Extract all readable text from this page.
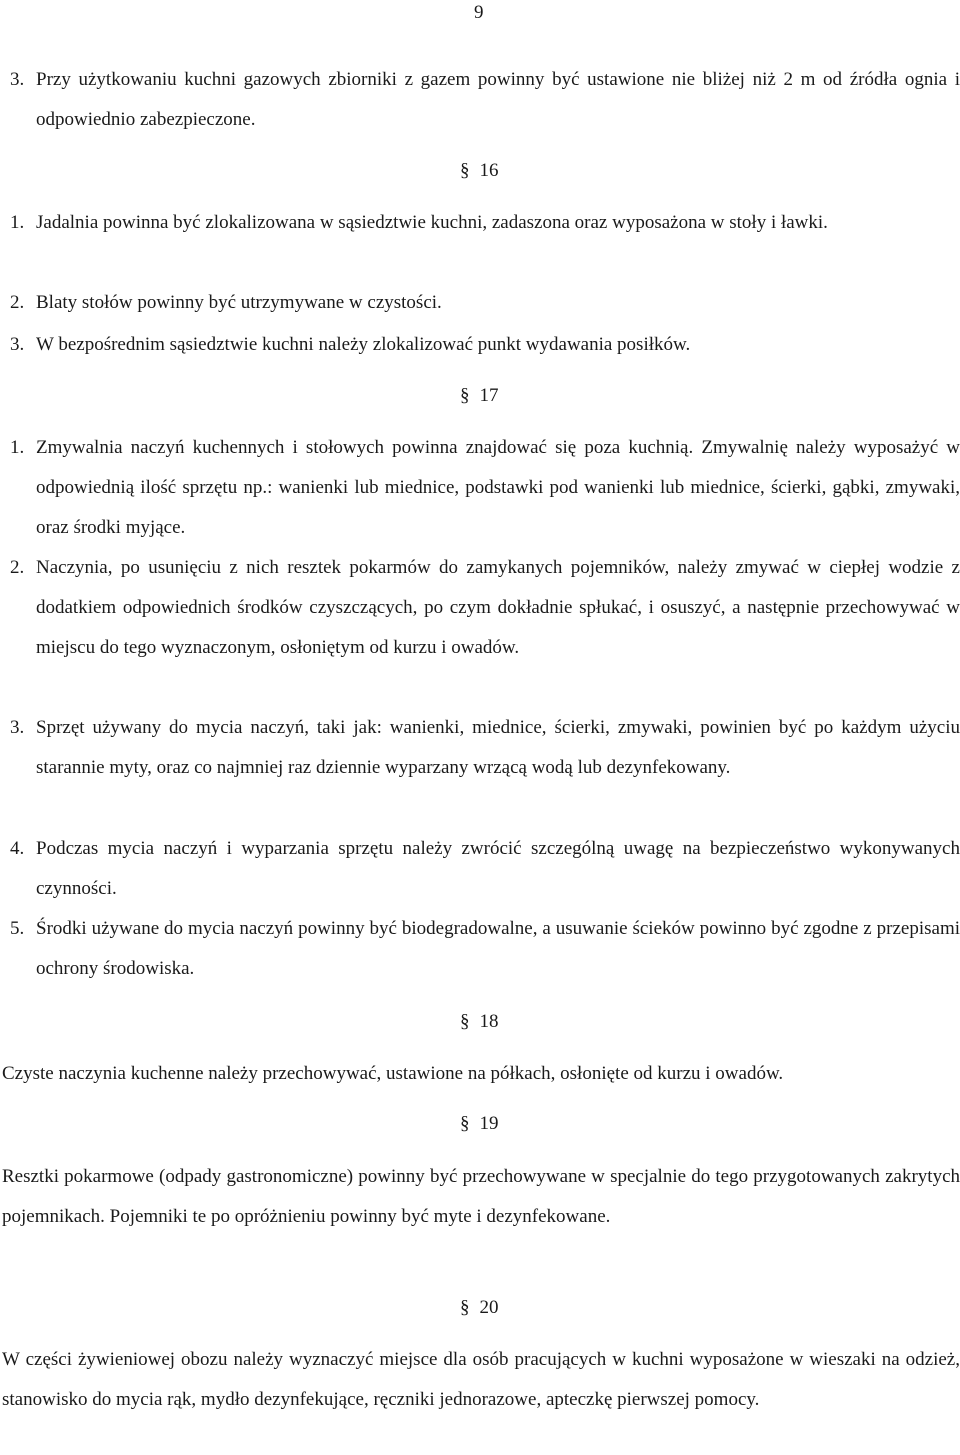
9
3. Przy użytkowaniu kuchni gazowych zbiorniki z gazem powinny być ustawione nie bliżej niż 2 m od źródła ognia i odpowiednio zabezpieczone.
§ 16
1. Jadalnia powinna być zlokalizowana w sąsiedztwie kuchni, zadaszona oraz wyposażona w stoły i ławki.
2. Blaty stołów powinny być utrzymywane w czystości.
3. W bezpośrednim sąsiedztwie kuchni należy zlokalizować punkt wydawania posiłków.
§ 17
1. Zmywalnia naczyń kuchennych i stołowych powinna znajdować się poza kuchnią. Zmywalnię należy wyposażyć w odpowiednią ilość sprzętu np.: wanienki lub miednice, podstawki pod wanienki lub miednice, ścierki, gąbki, zmywaki, oraz środki myjące.
2. Naczynia, po usunięciu z nich resztek pokarmów do zamykanych pojemników, należy zmywać w ciepłej wodzie z dodatkiem odpowiednich środków czyszczących, po czym dokładnie spłukać, i osuszyć, a następnie przechowywać w miejscu do tego wyznaczonym, osłoniętym od kurzu i owadów.
3. Sprzęt używany do mycia naczyń, taki jak: wanienki, miednice, ścierki, zmywaki, powinien być po każdym użyciu starannie myty, oraz co najmniej raz dziennie wyparzany wrzącą wodą lub dezynfekowany.
4. Podczas mycia naczyń i wyparzania sprzętu należy zwrócić szczególną uwagę na bezpieczeństwo wykonywanych czynności.
5. Środki używane do mycia naczyń powinny być biodegradowalne, a usuwanie ścieków powinno być zgodne z przepisami ochrony środowiska.
§ 18
Czyste naczynia kuchenne należy przechowywać, ustawione na półkach, osłonięte od kurzu i owadów.
§ 19
Resztki pokarmowe (odpady gastronomiczne) powinny być przechowywane w specjalnie do tego przygotowanych zakrytych pojemnikach. Pojemniki te po opróżnieniu powinny być myte i dezynfekowane.
§ 20
W części żywieniowej obozu należy wyznaczyć miejsce dla osób pracujących w kuchni wyposażone w wieszaki na odzież, stanowisko do mycia rąk, mydło dezynfekujące, ręczniki jednorazowe, apteczkę pierwszej pomocy.
